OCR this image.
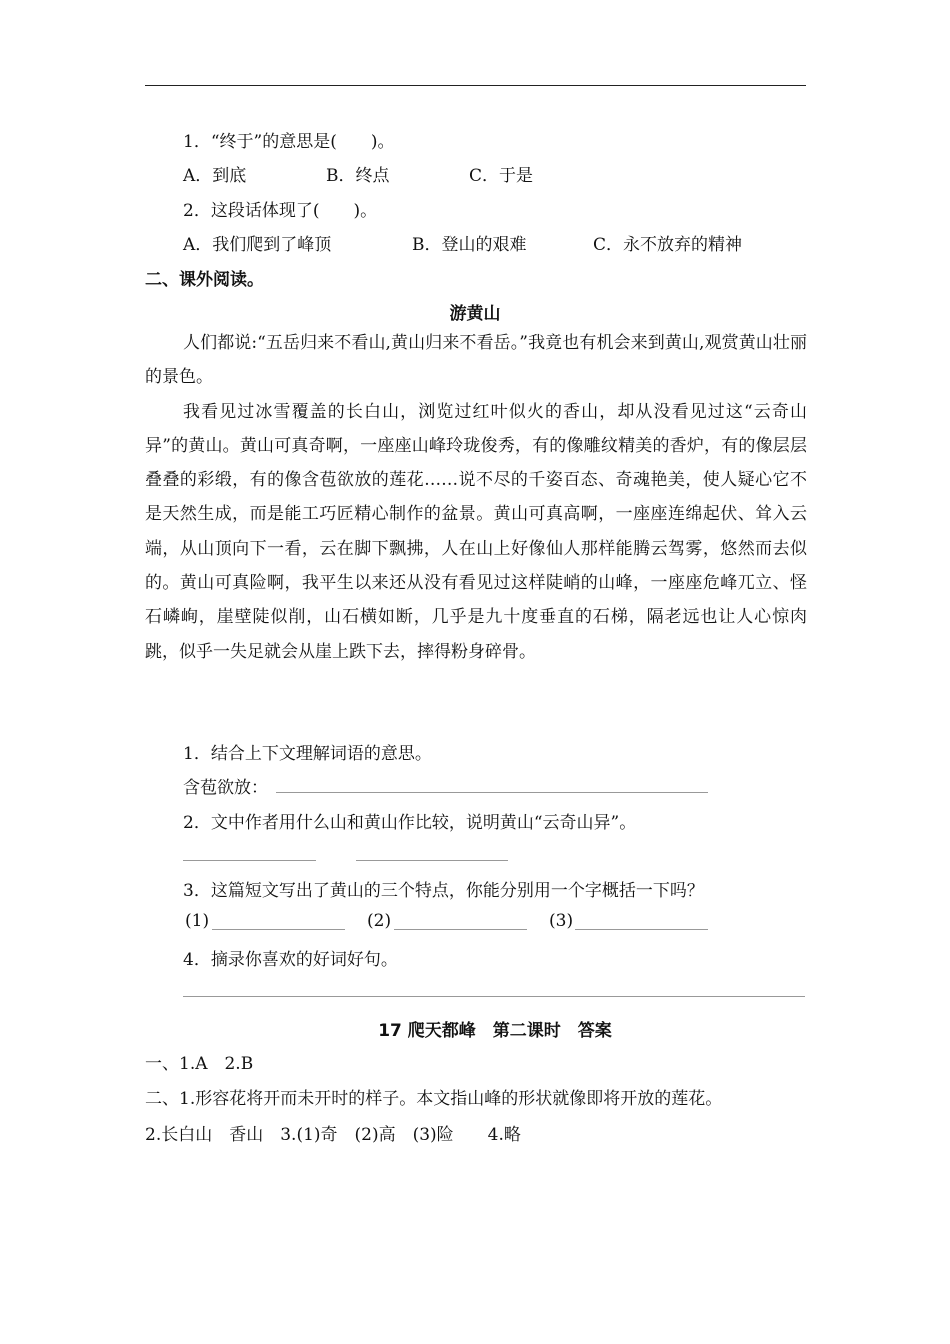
1．“终于”的意思是(　　)。
A．到底	B．终点	C．于是
2．这段话体现了(　　)。
A．我们爬到了峰顶	B．登山的艰难	C．永不放弃的精神
二、课外阅读。
游黄山

人们都说:“五岳归来不看山,黄山归来不看岳。”我竟也有机会来到黄山,观赏黄山壮丽的景色。

我看见过冰雪覆盖的长白山，浏览过红叶似火的香山，却从没看见过这“云奇山异”的黄山。黄山可真奇啊，一座座山峰玲珑俊秀，有的像雕纹精美的香炉，有的像层层叠叠的彩缎，有的像含苞欲放的莲花……说不尽的千姿百态、奇魂艳美，使人疑心它不是天然生成，而是能工巧匠精心制作的盆景。黄山可真高啊，一座座连绵起伏、耸入云端，从山顶向下一看，云在脚下飘拂，人在山上好像仙人那样能腾云驾雾，悠然而去似的。黄山可真险啊，我平生以来还从没有看见过这样陡峭的山峰，一座座危峰兀立、怪石嶙峋，崖壁陡似削，山石横如断，几乎是九十度垂直的石梯，隔老远也让人心惊肉跳，似乎一失足就会从崖上跌下去，摔得粉身碎骨。

1．结合上下文理解词语的意思。
含苞欲放：
2．文中作者用什么山和黄山作比较，说明黄山“云奇山异”。
3．这篇短文写出了黄山的三个特点，你能分别用一个字概括一下吗？
(1)	(2)	(3)
4．摘录你喜欢的好词好句。
17 爬天都峰　第二课时　答案
一、1.A　2.B
二、1.形容花将开而未开时的样子。本文指山峰的形状就像即将开放的莲花。
2.长白山　香山　3.(1)奇　(2)高　(3)险　　4.略
